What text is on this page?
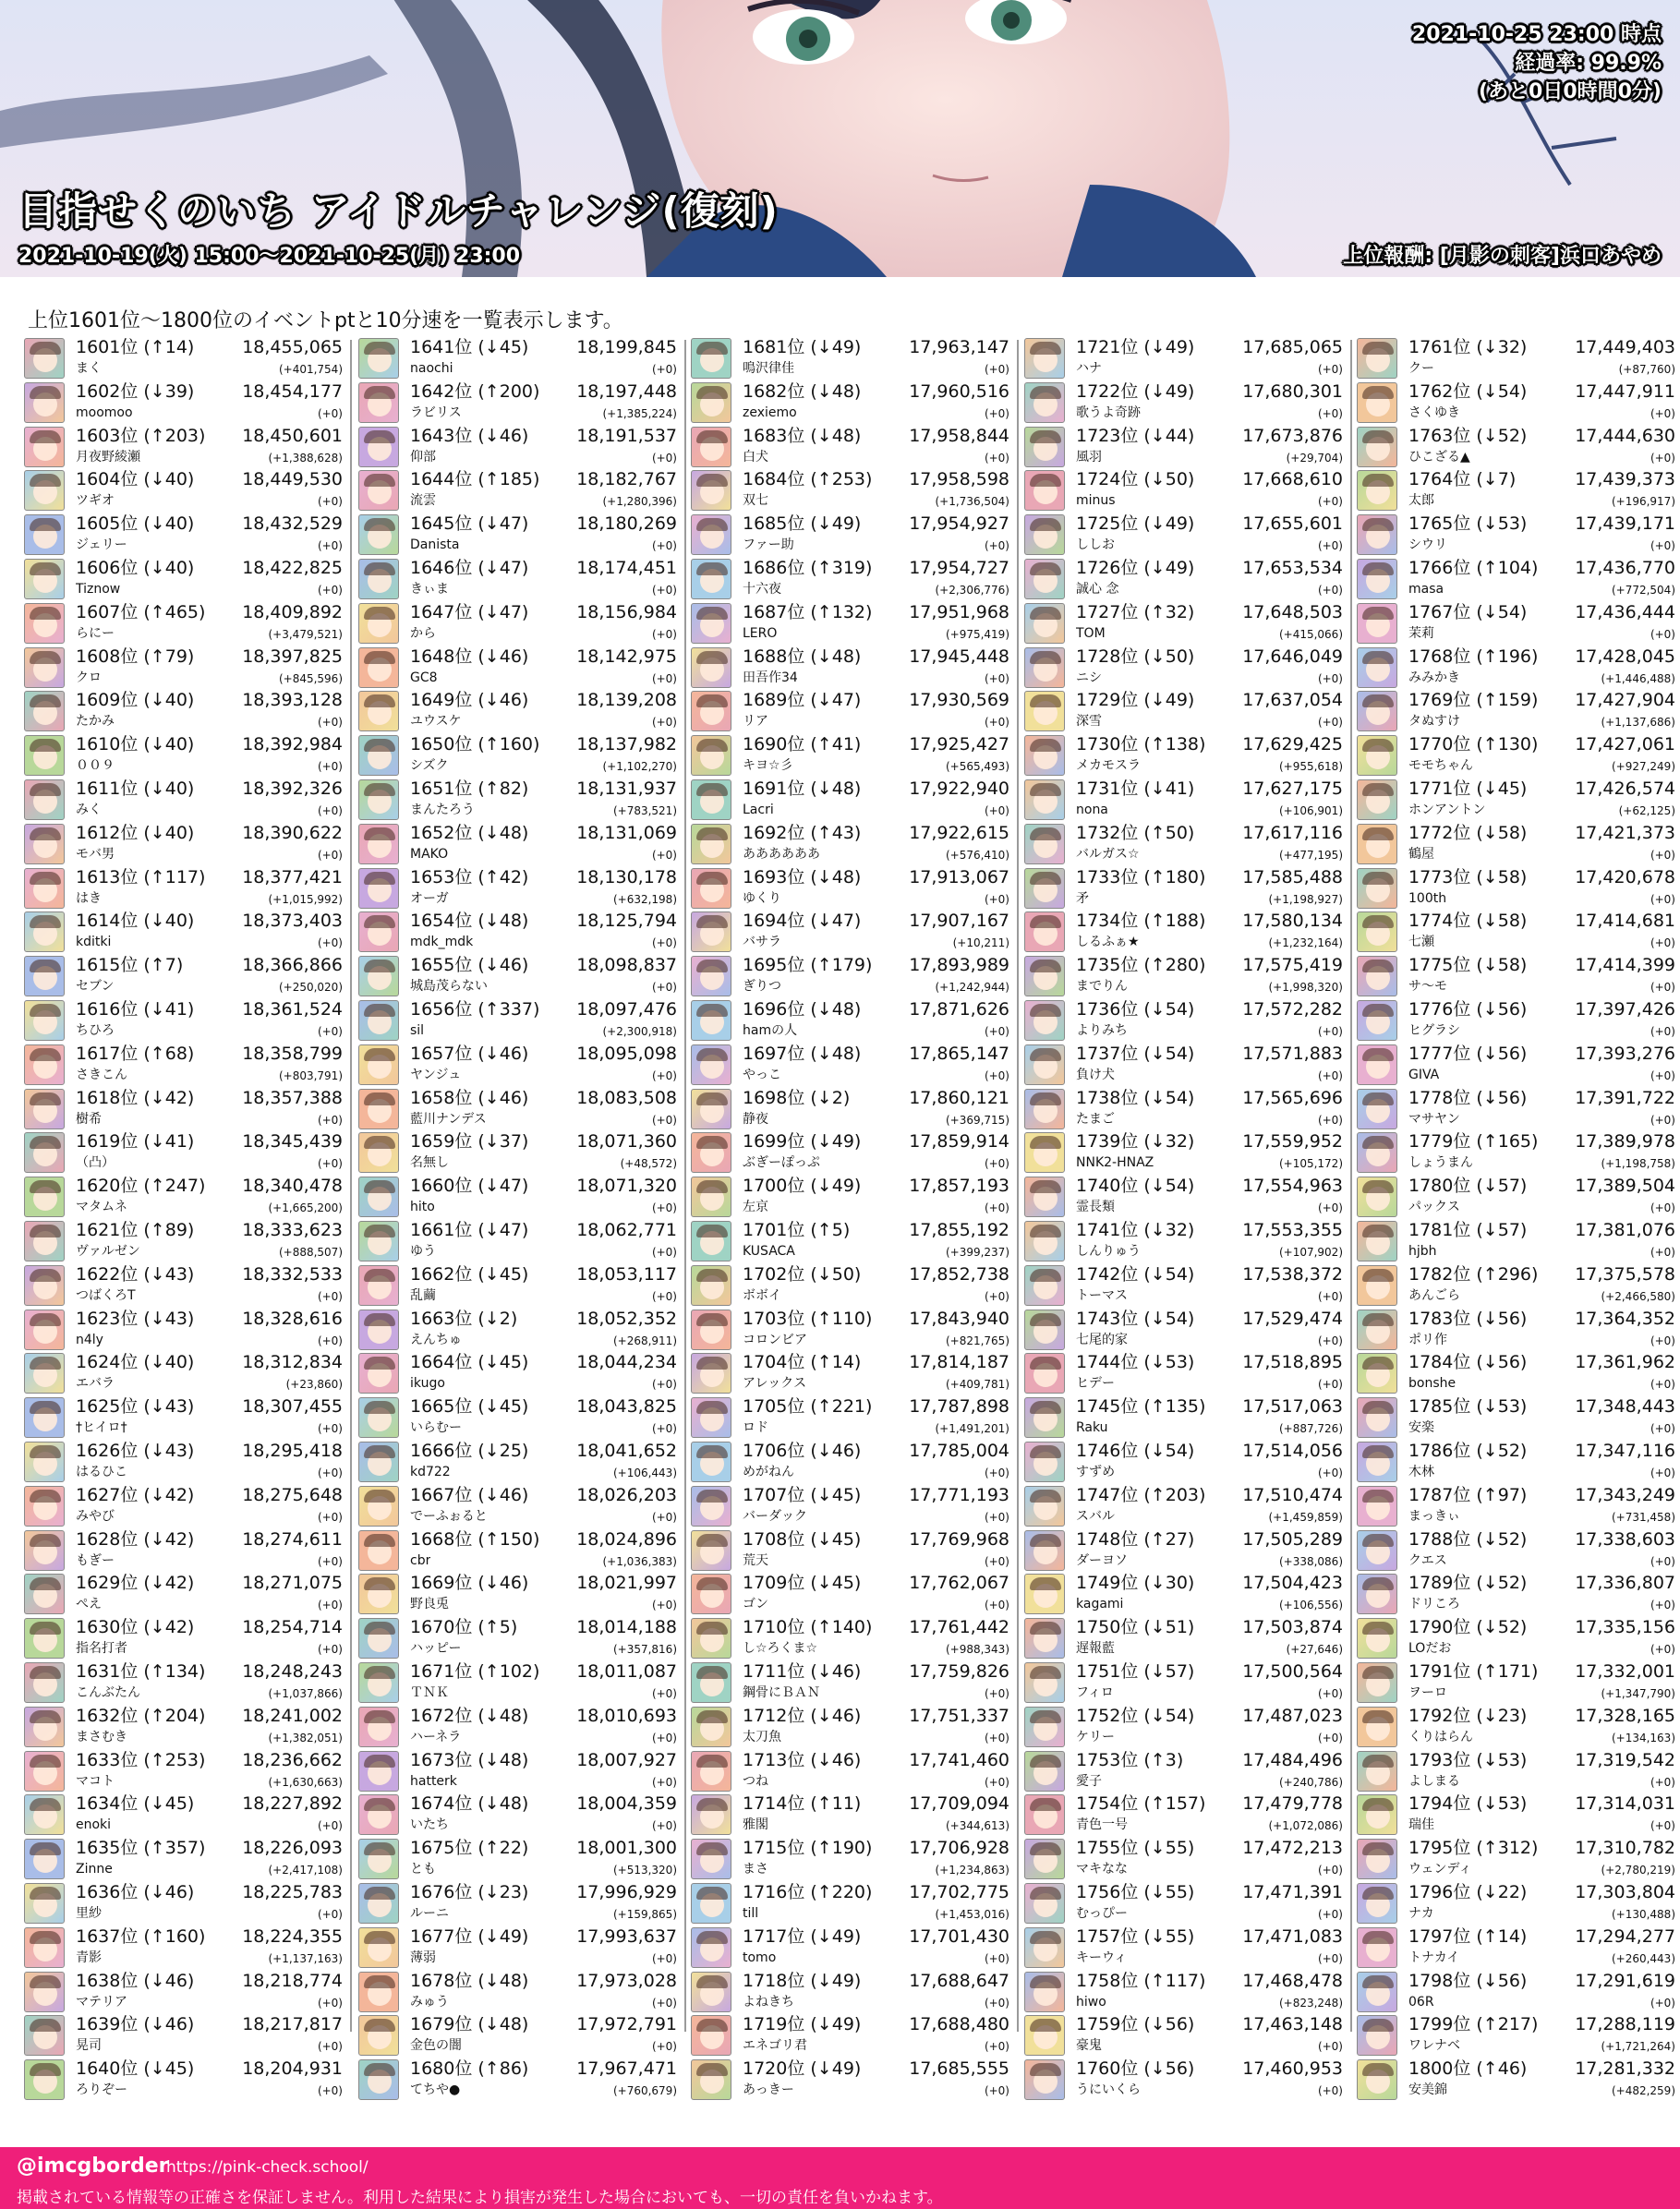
2021-10-25 23:00 時点
経過率: 99.9%
(あと0日0時間0分)
目指せくのいち アイドルチャレンジ(復刻)
2021-10-19(火) 15:00～2021-10-25(月) 23:00	上位報酬: [月影の刺客]浜口あやめ
上位1601位～1800位のイベントptと10分速を一覧表示します。
1601位 (↑14)	18,455,065
まく	(+401,754)
1602位 (↓39)	18,454,177
moomoo	(+0)
1603位 (↑203) 18,450,601
月夜野綾瀬	(+1,388,628)
1604位 (↓40)	18,449,530
ツギオ	(+0)
1605位 (↓40)	18,432,529
ジェリー	(+0)
1606位 (↓40)	18,422,825
Tiznow	(+0)
1607位 (↑465) 18,409,892
らにー	(+3,479,521)
1608位 (↑79)	18,397,825
クロ	(+845,596)
1609位 (↓40)	18,393,128
たかみ	(+0)
1610位 (↓40)	18,392,984
００９	(+0)
1611位 (↓40)	18,392,326
みく	(+0)
1612位 (↓40)	18,390,622
モバ男	(+0)
1613位 (↑117) 18,377,421
はき	(+1,015,992)
1614位 (↓40)	18,373,403
kditki	(+0)
1615位 (↑7)	18,366,866
セブン	(+250,020)
1616位 (↓41)	18,361,524
ちひろ	(+0)
1617位 (↑68)	18,358,799
さきこん	(+803,791)
1618位 (↓42)	18,357,388
樹希	(+0)
1619位 (↓41)	18,345,439
（凸）	(+0)
1620位 (↑247) 18,340,478
マタムネ	(+1,665,200)
1621位 (↑89)	18,333,623
ヴァルゼン	(+888,507)
1622位 (↓43)	18,332,533
つばくろT	(+0)
1623位 (↓43)	18,328,616
n4ly	(+0)
1624位 (↓40)	18,312,834
エバラ	(+23,860)
1625位 (↓43)	18,307,455
†ヒイロ†	(+0)
1626位 (↓43)	18,295,418
はるひこ	(+0)
1627位 (↓42)	18,275,648
みやび	(+0)
1628位 (↓42)	18,274,611
もぎー	(+0)
1629位 (↓42)	18,271,075
ぺえ	(+0)
1630位 (↓42)	18,254,714
指名打者	(+0)
1631位 (↑134) 18,248,243
こんぶたん	(+1,037,866)
1632位 (↑204) 18,241,002
まさむき	(+1,382,051)
1633位 (↑253) 18,236,662
マコト	(+1,630,663)
1634位 (↓45)	18,227,892
enoki	(+0)
1635位 (↑357) 18,226,093
Zinne	(+2,417,108)
1636位 (↓46)	18,225,783
里紗	(+0)
1637位 (↑160) 18,224,355
青影	(+1,137,163)
1638位 (↓46)	18,218,774
マテリア	(+0)
1639位 (↓46)	18,217,817
晃司	(+0)
1640位 (↓45)	18,204,931
ろりぞー	(+0)
1641位 (↓45)	18,199,845
naochi	(+0)
1642位 (↑200) 18,197,448
ラビリス	(+1,385,224)
1643位 (↓46)	18,191,537
仰部	(+0)
1644位 (↑185) 18,182,767
流雲	(+1,280,396)
1645位 (↓47)	18,180,269
Danista	(+0)
1646位 (↓47)	18,174,451
きぃま	(+0)
1647位 (↓47)	18,156,984
から	(+0)
1648位 (↓46)	18,142,975
GC8	(+0)
1649位 (↓46)	18,139,208
ユウスケ	(+0)
1650位 (↑160) 18,137,982
シズク	(+1,102,270)
1651位 (↑82)	18,131,937
まんたろう	(+783,521)
1652位 (↓48)	18,131,069
MAKO	(+0)
1653位 (↑42)	18,130,178
オーガ	(+632,198)
1654位 (↓48)	18,125,794
mdk_mdk	(+0)
1655位 (↓46)	18,098,837
城島茂らない	(+0)
1656位 (↑337) 18,097,476
sil	(+2,300,918)
1657位 (↓46)	18,095,098
ヤンジュ	(+0)
1658位 (↓46)	18,083,508
藍川ナンデス	(+0)
1659位 (↓37)	18,071,360
名無し	(+48,572)
1660位 (↓47)	18,071,320
hito	(+0)
1661位 (↓47)	18,062,771
ゆう	(+0)
1662位 (↓45)	18,053,117
乱繭	(+0)
1663位 (↓2)	18,052,352
えんちゅ	(+268,911)
1664位 (↓45)	18,044,234
ikugo	(+0)
1665位 (↓45)	18,043,825
いらむー	(+0)
1666位 (↓25)	18,041,652
kd722	(+106,443)
1667位 (↓46)	18,026,203
でーふぉると	(+0)
1668位 (↑150) 18,024,896
cbr	(+1,036,383)
1669位 (↓46)	18,021,997
野良兎	(+0)
1670位 (↑5)	18,014,188
ハッピー	(+357,816)
1671位 (↑102) 18,011,087
ＴＮＫ	(+0)
1672位 (↓48)	18,010,693
ハーネラ	(+0)
1673位 (↓48)	18,007,927
hatterk	(+0)
1674位 (↓48)	18,004,359
いたち	(+0)
1675位 (↑22)	18,001,300
とも	(+513,320)
1676位 (↓23)	17,996,929
ルーニ	(+159,865)
1677位 (↓49)	17,993,637
薄弱	(+0)
1678位 (↓48)	17,973,028
みゅう	(+0)
1679位 (↓48)	17,972,791
金色の闇	(+0)
1680位 (↑86)	17,967,471
てちや●	(+760,679)
1681位 (↓49)	17,963,147
鳴沢律佳	(+0)
1682位 (↓48)	17,960,516
zexiemo	(+0)
1683位 (↓48)	17,958,844
白犬	(+0)
1684位 (↑253) 17,958,598
双七	(+1,736,504)
1685位 (↓49)	17,954,927
ファー助	(+0)
1686位 (↑319) 17,954,727
十六夜	(+2,306,776)
1687位 (↑132) 17,951,968
LERO	(+975,419)
1688位 (↓48)	17,945,448
田吾作34	(+0)
1689位 (↓47)	17,930,569
リア	(+0)
1690位 (↑41)	17,925,427
キヨ☆彡	(+565,493)
1691位 (↓48)	17,922,940
Lacri	(+0)
1692位 (↑43)	17,922,615
ああああああ	(+576,410)
1693位 (↓48)	17,913,067
ゆくり	(+0)
1694位 (↓47)	17,907,167
バサラ	(+10,211)
1695位 (↑179) 17,893,989
ぎりつ	(+1,242,944)
1696位 (↓48)	17,871,626
hamの人	(+0)
1697位 (↓48)	17,865,147
やっこ	(+0)
1698位 (↓2)	17,860,121
静夜	(+369,715)
1699位 (↓49)	17,859,914
ぶぎーぽっぷ	(+0)
1700位 (↓49)	17,857,193
左京	(+0)
1701位 (↑5)	17,855,192
KUSACA	(+399,237)
1702位 (↓50)	17,852,738
ボボイ	(+0)
1703位 (↑110) 17,843,940
コロンビア	(+821,765)
1704位 (↑14)	17,814,187
アレックス	(+409,781)
1705位 (↑221) 17,787,898
ロド	(+1,491,201)
1706位 (↓46)	17,785,004
めがねん	(+0)
1707位 (↓45)	17,771,193
バーダック	(+0)
1708位 (↓45)	17,769,968
荒天	(+0)
1709位 (↓45)	17,762,067
ゴン	(+0)
1710位 (↑140) 17,761,442
し☆ろくま☆	(+988,343)
1711位 (↓46)	17,759,826
鋼骨にＢＡＮ	(+0)
1712位 (↓46)	17,751,337
太刀魚	(+0)
1713位 (↓46)	17,741,460
つね	(+0)
1714位 (↑11)	17,709,094
雅閣	(+344,613)
1715位 (↑190) 17,706,928
まさ	(+1,234,863)
1716位 (↑220) 17,702,775
till	(+1,453,016)
1717位 (↓49)	17,701,430
tomo	(+0)
1718位 (↓49)	17,688,647
よねきち	(+0)
1719位 (↓49)	17,688,480
エネゴリ君	(+0)
1720位 (↓49)	17,685,555
あっきー	(+0)
1721位 (↓49)	17,685,065
ハナ	(+0)
1722位 (↓49)	17,680,301
歌うよ奇跡	(+0)
1723位 (↓44)	17,673,876
風羽	(+29,704)
1724位 (↓50)	17,668,610
minus	(+0)
1725位 (↓49)	17,655,601
ししお	(+0)
1726位 (↓49)	17,653,534
誠心 念	(+0)
1727位 (↑32)	17,648,503
TOM	(+415,066)
1728位 (↓50)	17,646,049
ニシ	(+0)
1729位 (↓49)	17,637,054
深雪	(+0)
1730位 (↑138) 17,629,425
メカモスラ	(+955,618)
1731位 (↓41)	17,627,175
nona	(+106,901)
1732位 (↑50)	17,617,116
バルガス☆	(+477,195)
1733位 (↑180) 17,585,488
矛	(+1,198,927)
1734位 (↑188) 17,580,134
しるふぁ★	(+1,232,164)
1735位 (↑280) 17,575,419
までりん	(+1,998,320)
1736位 (↓54)	17,572,282
よりみち	(+0)
1737位 (↓54)	17,571,883
負け犬	(+0)
1738位 (↓54)	17,565,696
たまご	(+0)
1739位 (↓32)	17,559,952
NNK2-HNAZ	(+105,172)
1740位 (↓54)	17,554,963
霊長類	(+0)
1741位 (↓32)	17,553,355
しんりゅう	(+107,902)
1742位 (↓54)	17,538,372
トーマス	(+0)
1743位 (↓54)	17,529,474
七尾的家	(+0)
1744位 (↓53)	17,518,895
ヒデー	(+0)
1745位 (↑135) 17,517,063
Raku	(+887,726)
1746位 (↓54)	17,514,056
すずめ	(+0)
1747位 (↑203) 17,510,474
スバル	(+1,459,859)
1748位 (↑27)	17,505,289
ダーヨソ	(+338,086)
1749位 (↓30)	17,504,423
kagami	(+106,556)
1750位 (↓51)	17,503,874
遅報藍	(+27,646)
1751位 (↓57)	17,500,564
フィロ	(+0)
1752位 (↓54)	17,487,023
ケリー	(+0)
1753位 (↑3)	17,484,496
愛子	(+240,786)
1754位 (↑157) 17,479,778
青色一号	(+1,072,086)
1755位 (↓55)	17,472,213
マキなな	(+0)
1756位 (↓55)	17,471,391
むっぴー	(+0)
1757位 (↓55)	17,471,083
キーウィ	(+0)
1758位 (↑117) 17,468,478
hiwo	(+823,248)
1759位 (↓56)	17,463,148
豪鬼	(+0)
1760位 (↓56)	17,460,953
うにいくら	(+0)
1761位 (↓32)	17,449,403
クー	(+87,760)
1762位 (↓54)	17,447,911
さくゆき	(+0)
1763位 (↓52)	17,444,630
ひこざる▲	(+0)
1764位 (↓7)	17,439,373
太郎	(+196,917)
1765位 (↓53)	17,439,171
シウリ	(+0)
1766位 (↑104) 17,436,770
masa	(+772,504)
1767位 (↓54)	17,436,444
茉莉	(+0)
1768位 (↑196) 17,428,045
みみかき	(+1,446,488)
1769位 (↑159) 17,427,904
タぬすけ	(+1,137,686)
1770位 (↑130) 17,427,061
モモちゃん	(+927,249)
1771位 (↓45)	17,426,574
ホンアントン	(+62,125)
1772位 (↓58)	17,421,373
鶴屋	(+0)
1773位 (↓58)	17,420,678
100th	(+0)
1774位 (↓58)	17,414,681
七瀬	(+0)
1775位 (↓58)	17,414,399
サ～モ	(+0)
1776位 (↓56)	17,397,426
ヒグラシ	(+0)
1777位 (↓56)	17,393,276
GIVA	(+0)
1778位 (↓56)	17,391,722
マサヤン	(+0)
1779位 (↑165) 17,389,978
しょうまん	(+1,198,758)
1780位 (↓57)	17,389,504
パックス	(+0)
1781位 (↓57)	17,381,076
hjbh	(+0)
1782位 (↑296) 17,375,578
あんごら	(+2,466,580)
1783位 (↓56)	17,364,352
ポリ作	(+0)
1784位 (↓56)	17,361,962
bonshe	(+0)
1785位 (↓53)	17,348,443
安楽	(+0)
1786位 (↓52)	17,347,116
木林	(+0)
1787位 (↑97)	17,343,249
まっきぃ	(+731,458)
1788位 (↓52)	17,338,603
クエス	(+0)
1789位 (↓52)	17,336,807
ドリころ	(+0)
1790位 (↓52)	17,335,156
LOだお	(+0)
1791位 (↑171) 17,332,001
ヲーロ	(+1,347,790)
1792位 (↓23)	17,328,165
くりはらん	(+134,163)
1793位 (↓53)	17,319,542
よしまる	(+0)
1794位 (↓53)	17,314,031
瑞佳	(+0)
1795位 (↑312) 17,310,782
ウェンディ	(+2,780,219)
1796位 (↓22)	17,303,804
ナカ	(+130,488)
1797位 (↑14)	17,294,277
トナカイ	(+260,443)
1798位 (↓56)	17,291,619
06R	(+0)
1799位 (↑217) 17,288,119
ワレナベ	(+1,721,264)
1800位 (↑46)	17,281,332
安美錦	(+482,259)
@imcgborder
https://pink-check.school/
掲載されている情報等の正確さを保証しません。利用した結果により損害が発生した場合においても、一切の責任を負いかねます。
